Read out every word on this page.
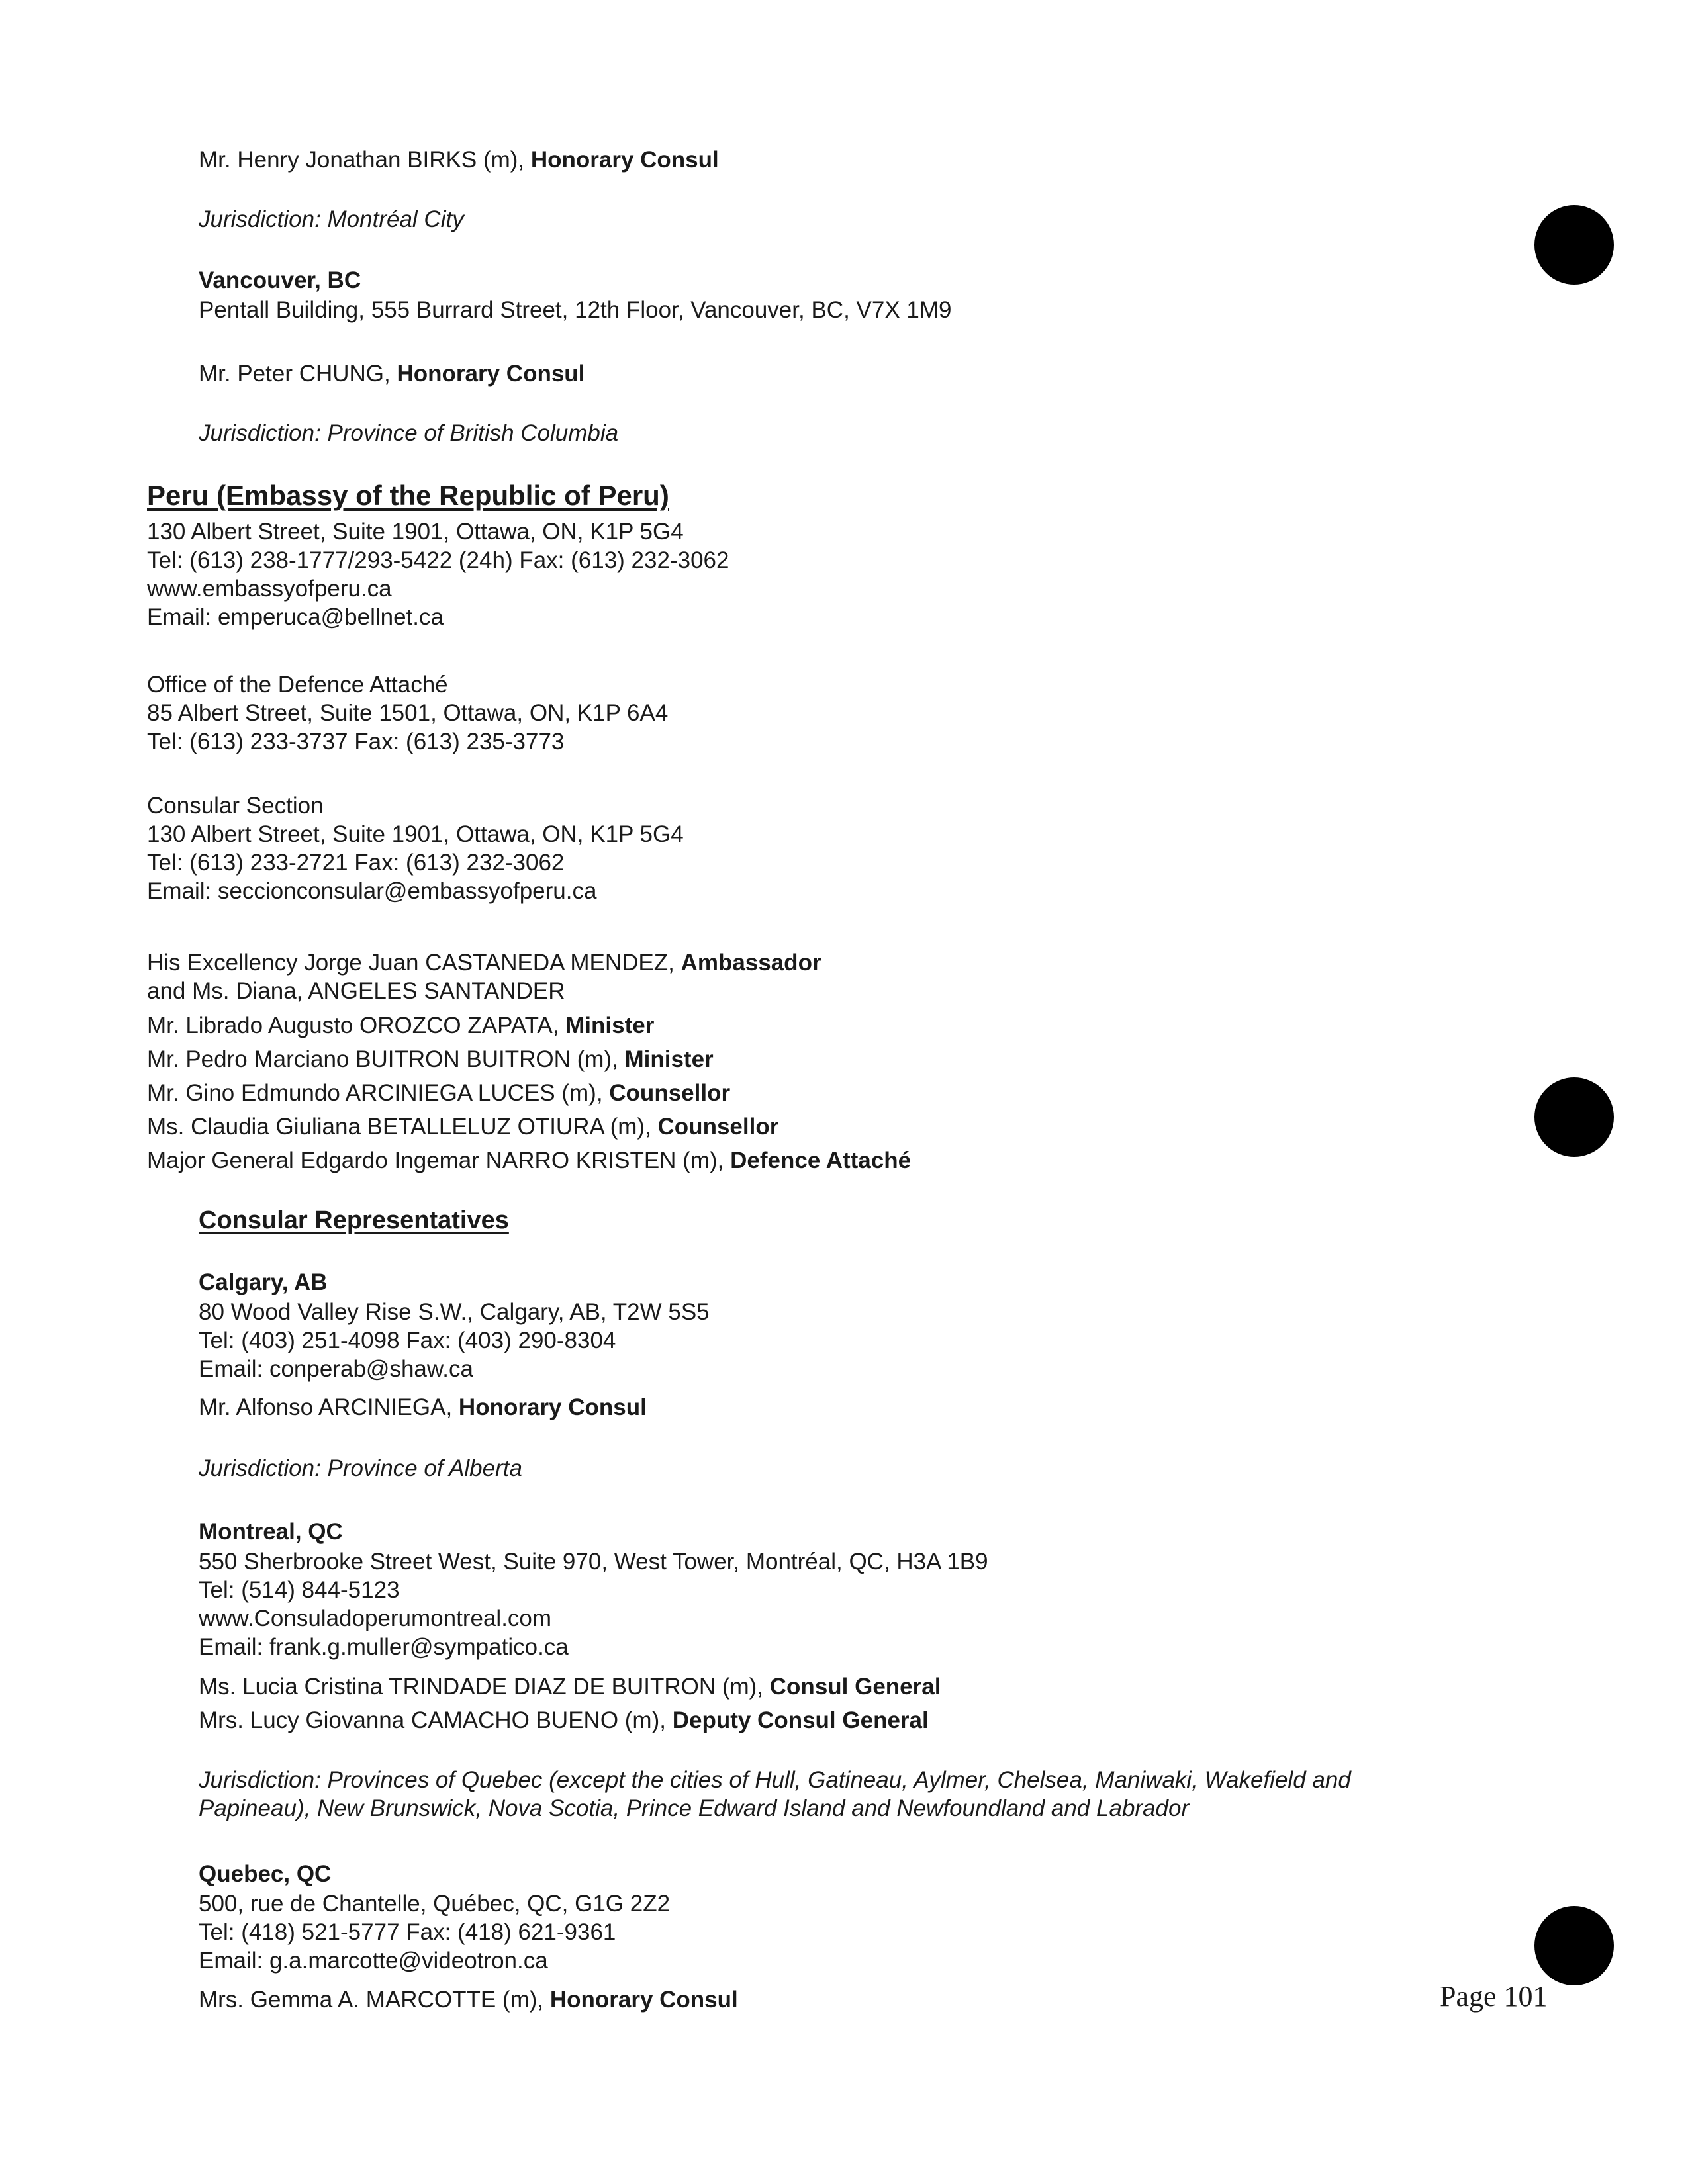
Mr. Henry Jonathan BIRKS (m), Honorary Consul
Jurisdiction: Montréal City
Vancouver, BC
Pentall Building, 555 Burrard Street, 12th Floor, Vancouver, BC, V7X 1M9
Mr. Peter CHUNG, Honorary Consul
Jurisdiction: Province of British Columbia
Peru (Embassy of the Republic of Peru)
130 Albert Street, Suite 1901, Ottawa, ON, K1P 5G4
Tel: (613) 238-1777/293-5422 (24h) Fax: (613) 232-3062
www.embassyofperu.ca
Email: emperuca@bellnet.ca
Office of the Defence Attaché
85 Albert Street, Suite 1501, Ottawa, ON, K1P 6A4
Tel: (613) 233-3737 Fax: (613) 235-3773
Consular Section
130 Albert Street, Suite 1901, Ottawa, ON, K1P 5G4
Tel: (613) 233-2721 Fax: (613) 232-3062
Email: seccionconsular@embassyofperu.ca
His Excellency Jorge Juan CASTANEDA MENDEZ, Ambassador
and Ms. Diana, ANGELES SANTANDER
Mr. Librado Augusto OROZCO ZAPATA, Minister
Mr. Pedro Marciano BUITRON BUITRON (m), Minister
Mr. Gino Edmundo ARCINIEGA LUCES (m), Counsellor
Ms. Claudia Giuliana BETALLELUZ OTIURA (m), Counsellor
Major General Edgardo Ingemar NARRO KRISTEN (m), Defence Attaché
Consular Representatives
Calgary, AB
80 Wood Valley Rise S.W., Calgary, AB, T2W 5S5
Tel: (403) 251-4098 Fax: (403) 290-8304
Email: conperab@shaw.ca
Mr. Alfonso ARCINIEGA, Honorary Consul
Jurisdiction: Province of Alberta
Montreal, QC
550 Sherbrooke Street West, Suite 970, West Tower, Montréal, QC, H3A 1B9
Tel: (514) 844-5123
www.Consuladoperumontreal.com
Email: frank.g.muller@sympatico.ca
Ms. Lucia Cristina TRINDADE DIAZ DE BUITRON (m), Consul General
Mrs. Lucy Giovanna CAMACHO BUENO (m), Deputy Consul General
Jurisdiction: Provinces of Quebec (except the cities of Hull, Gatineau, Aylmer, Chelsea, Maniwaki, Wakefield and
Papineau), New Brunswick, Nova Scotia, Prince Edward Island and Newfoundland and Labrador
Quebec, QC
500, rue de Chantelle, Québec, QC, G1G 2Z2
Tel: (418) 521-5777 Fax: (418) 621-9361
Email: g.a.marcotte@videotron.ca
Mrs. Gemma A. MARCOTTE (m), Honorary Consul	Page 101
